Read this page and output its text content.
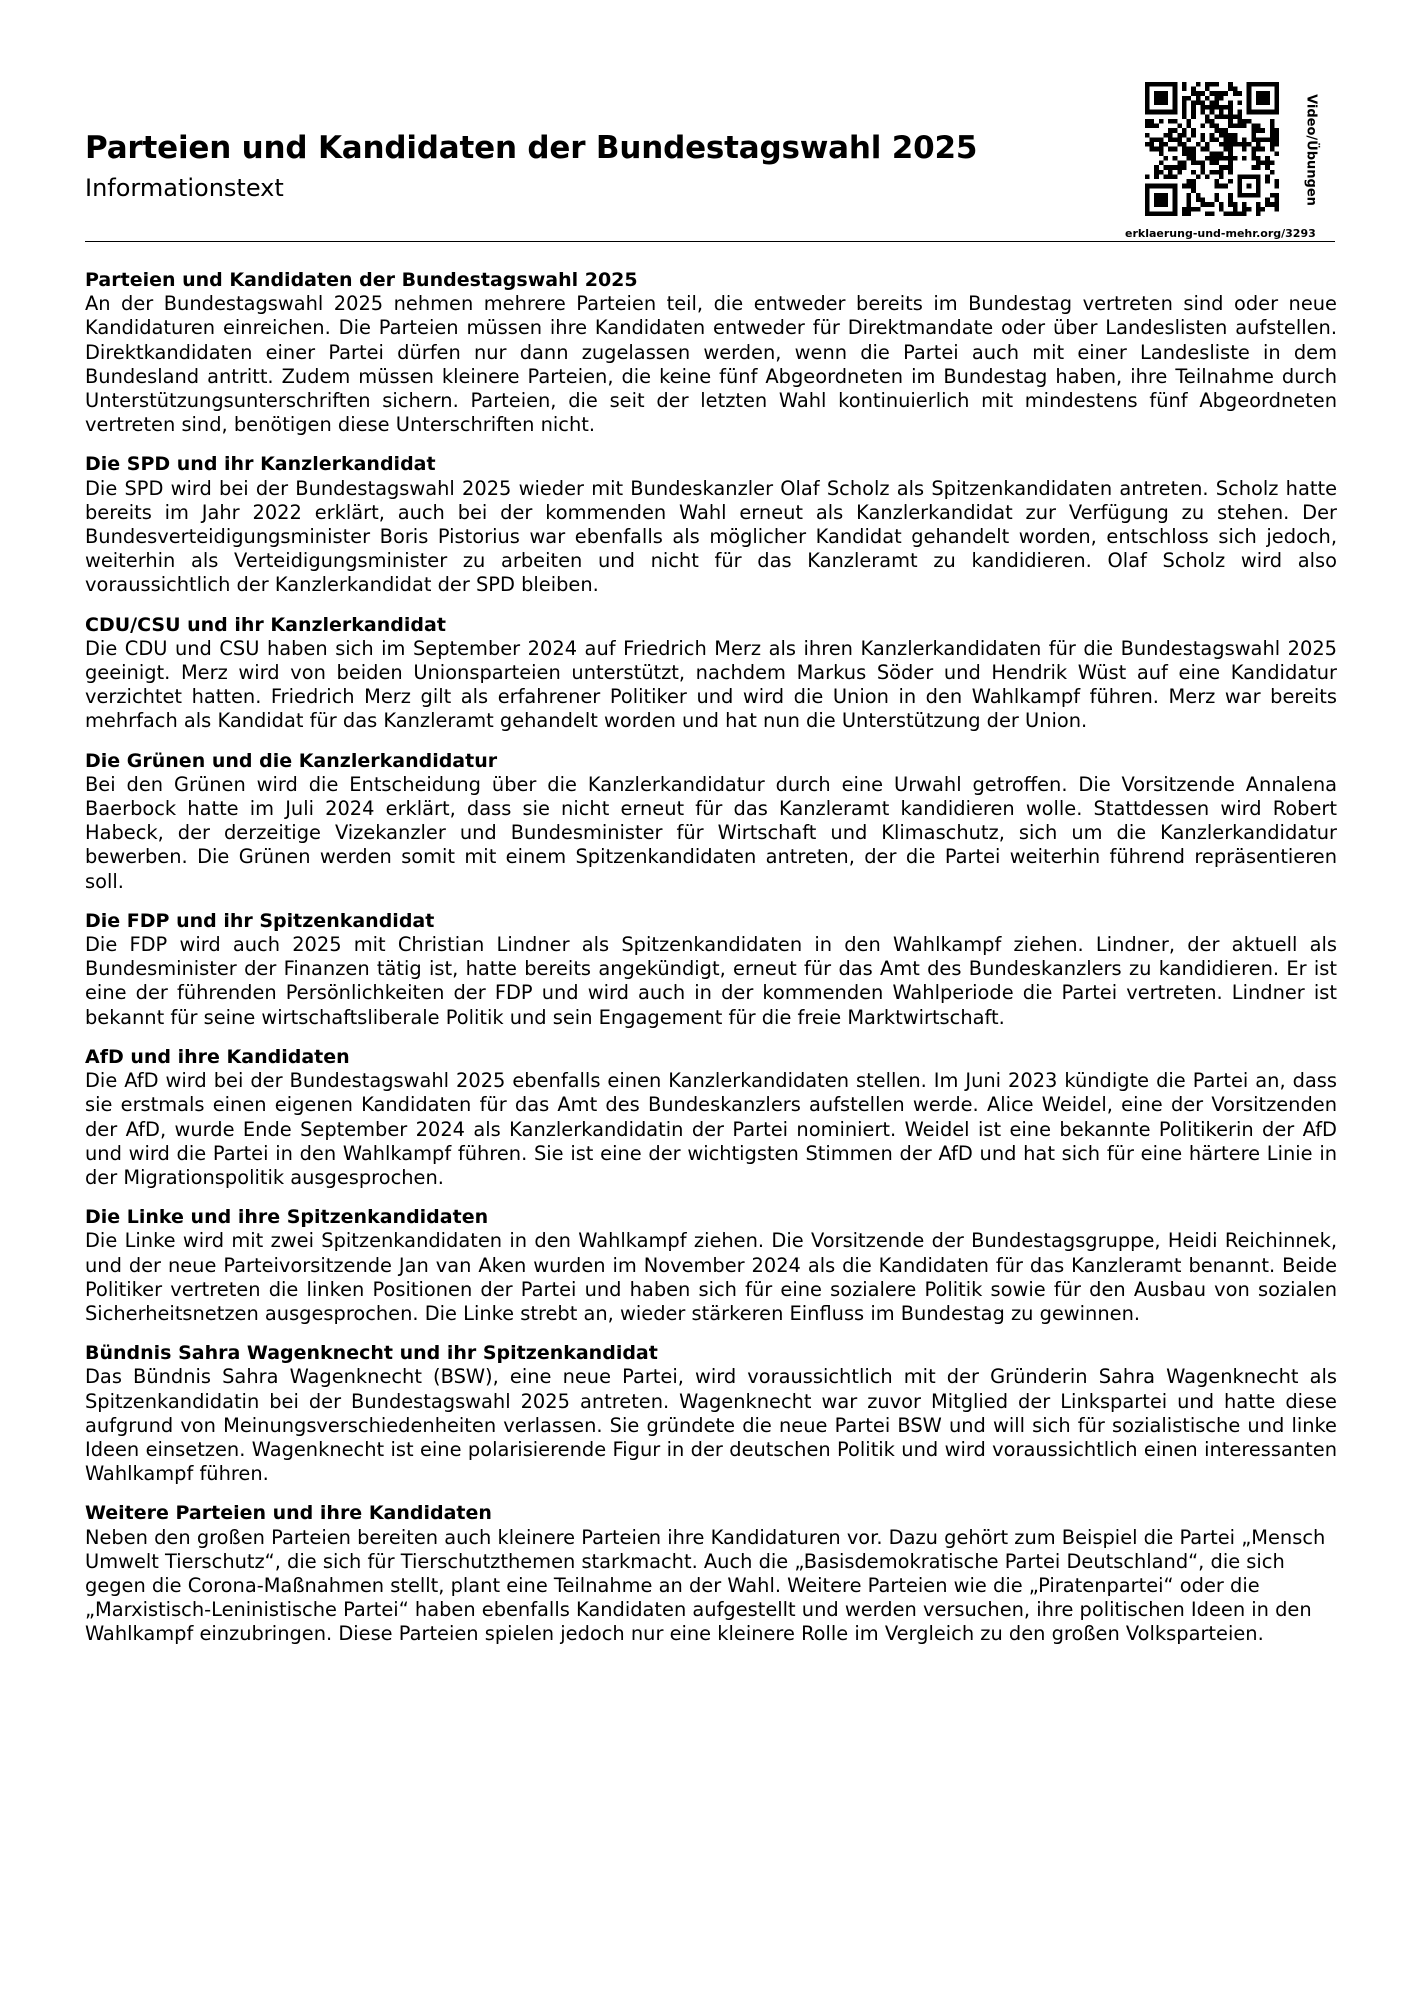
Parteien und Kandidaten der Bundestagswahl 2025
Informationstext	Video/Übungen
erklaerung-und-mehr.org/3293
Parteien und Kandidaten der Bundestagswahl 2025

An der Bundestagswahl 2025 nehmen mehrere Parteien teil, die entweder bereits im Bundestag vertreten sind oder neue Kandidaturen einreichen. Die Parteien müssen ihre Kandidaten entweder für Direktmandate oder über Landeslisten aufstellen. Direktkandidaten einer Partei dürfen nur dann zugelassen werden, wenn die Partei auch mit einer Landesliste in dem Bundesland antritt. Zudem müssen kleinere Parteien, die keine fünf Abgeordneten im Bundestag haben, ihre Teilnahme durch Unterstützungsunterschriften sichern. Parteien, die seit der letzten Wahl kontinuierlich mit mindestens fünf Abgeordneten vertreten sind, benötigen diese Unterschriften nicht.

Die SPD und ihr Kanzlerkandidat

Die SPD wird bei der Bundestagswahl 2025 wieder mit Bundeskanzler Olaf Scholz als Spitzenkandidaten antreten. Scholz hatte bereits im Jahr 2022 erklärt, auch bei der kommenden Wahl erneut als Kanzlerkandidat zur Verfügung zu stehen. Der Bundesverteidigungsminister Boris Pistorius war ebenfalls als möglicher Kandidat gehandelt worden, entschloss sich jedoch, weiterhin als Verteidigungsminister zu arbeiten und nicht für das Kanzleramt zu kandidieren. Olaf Scholz wird also voraussichtlich der Kanzlerkandidat der SPD bleiben.

CDU/CSU und ihr Kanzlerkandidat

Die CDU und CSU haben sich im September 2024 auf Friedrich Merz als ihren Kanzlerkandidaten für die Bundestagswahl 2025 geeinigt. Merz wird von beiden Unionsparteien unterstützt, nachdem Markus Söder und Hendrik Wüst auf eine Kandidatur verzichtet hatten. Friedrich Merz gilt als erfahrener Politiker und wird die Union in den Wahlkampf führen. Merz war bereits mehrfach als Kandidat für das Kanzleramt gehandelt worden und hat nun die Unterstützung der Union.

Die Grünen und die Kanzlerkandidatur

Bei den Grünen wird die Entscheidung über die Kanzlerkandidatur durch eine Urwahl getroffen. Die Vorsitzende Annalena Baerbock hatte im Juli 2024 erklärt, dass sie nicht erneut für das Kanzleramt kandidieren wolle. Stattdessen wird Robert Habeck, der derzeitige Vizekanzler und Bundesminister für Wirtschaft und Klimaschutz, sich um die Kanzlerkandidatur bewerben. Die Grünen werden somit mit einem Spitzenkandidaten antreten, der die Partei weiterhin führend repräsentieren soll.

Die FDP und ihr Spitzenkandidat

Die FDP wird auch 2025 mit Christian Lindner als Spitzenkandidaten in den Wahlkampf ziehen. Lindner, der aktuell als Bundesminister der Finanzen tätig ist, hatte bereits angekündigt, erneut für das Amt des Bundeskanzlers zu kandidieren. Er ist eine der führenden Persönlichkeiten der FDP und wird auch in der kommenden Wahlperiode die Partei vertreten. Lindner ist bekannt für seine wirtschaftsliberale Politik und sein Engagement für die freie Marktwirtschaft.

AfD und ihre Kandidaten

Die AfD wird bei der Bundestagswahl 2025 ebenfalls einen Kanzlerkandidaten stellen. Im Juni 2023 kündigte die Partei an, dass sie erstmals einen eigenen Kandidaten für das Amt des Bundeskanzlers aufstellen werde. Alice Weidel, eine der Vorsitzenden der AfD, wurde Ende September 2024 als Kanzlerkandidatin der Partei nominiert. Weidel ist eine bekannte Politikerin der AfD und wird die Partei in den Wahlkampf führen. Sie ist eine der wichtigsten Stimmen der AfD und hat sich für eine härtere Linie in der Migrationspolitik ausgesprochen.

Die Linke und ihre Spitzenkandidaten

Die Linke wird mit zwei Spitzenkandidaten in den Wahlkampf ziehen. Die Vorsitzende der Bundestagsgruppe, Heidi Reichinnek, und der neue Parteivorsitzende Jan van Aken wurden im November 2024 als die Kandidaten für das Kanzleramt benannt. Beide Politiker vertreten die linken Positionen der Partei und haben sich für eine sozialere Politik sowie für den Ausbau von sozialen Sicherheitsnetzen ausgesprochen. Die Linke strebt an, wieder stärkeren Einfluss im Bundestag zu gewinnen.

Bündnis Sahra Wagenknecht und ihr Spitzenkandidat

Das Bündnis Sahra Wagenknecht (BSW), eine neue Partei, wird voraussichtlich mit der Gründerin Sahra Wagenknecht als Spitzenkandidatin bei der Bundestagswahl 2025 antreten. Wagenknecht war zuvor Mitglied der Linkspartei und hatte diese aufgrund von Meinungsverschiedenheiten verlassen. Sie gründete die neue Partei BSW und will sich für sozialistische und linke Ideen einsetzen. Wagenknecht ist eine polarisierende Figur in der deutschen Politik und wird voraussichtlich einen interessanten Wahlkampf führen.

Weitere Parteien und ihre Kandidaten

Neben den großen Parteien bereiten auch kleinere Parteien ihre Kandidaturen vor. Dazu gehört zum Beispiel die Partei „Mensch Umwelt Tierschutz“, die sich für Tierschutzthemen starkmacht. Auch die „Basisdemokratische Partei Deutschland“, die sich gegen die Corona-Maßnahmen stellt, plant eine Teilnahme an der Wahl. Weitere Parteien wie die „Piratenpartei“ oder die „Marxistisch-Leninistische Partei“ haben ebenfalls Kandidaten aufgestellt und werden versuchen, ihre politischen Ideen in den Wahlkampf einzubringen. Diese Parteien spielen jedoch nur eine kleinere Rolle im Vergleich zu den großen Volksparteien.
